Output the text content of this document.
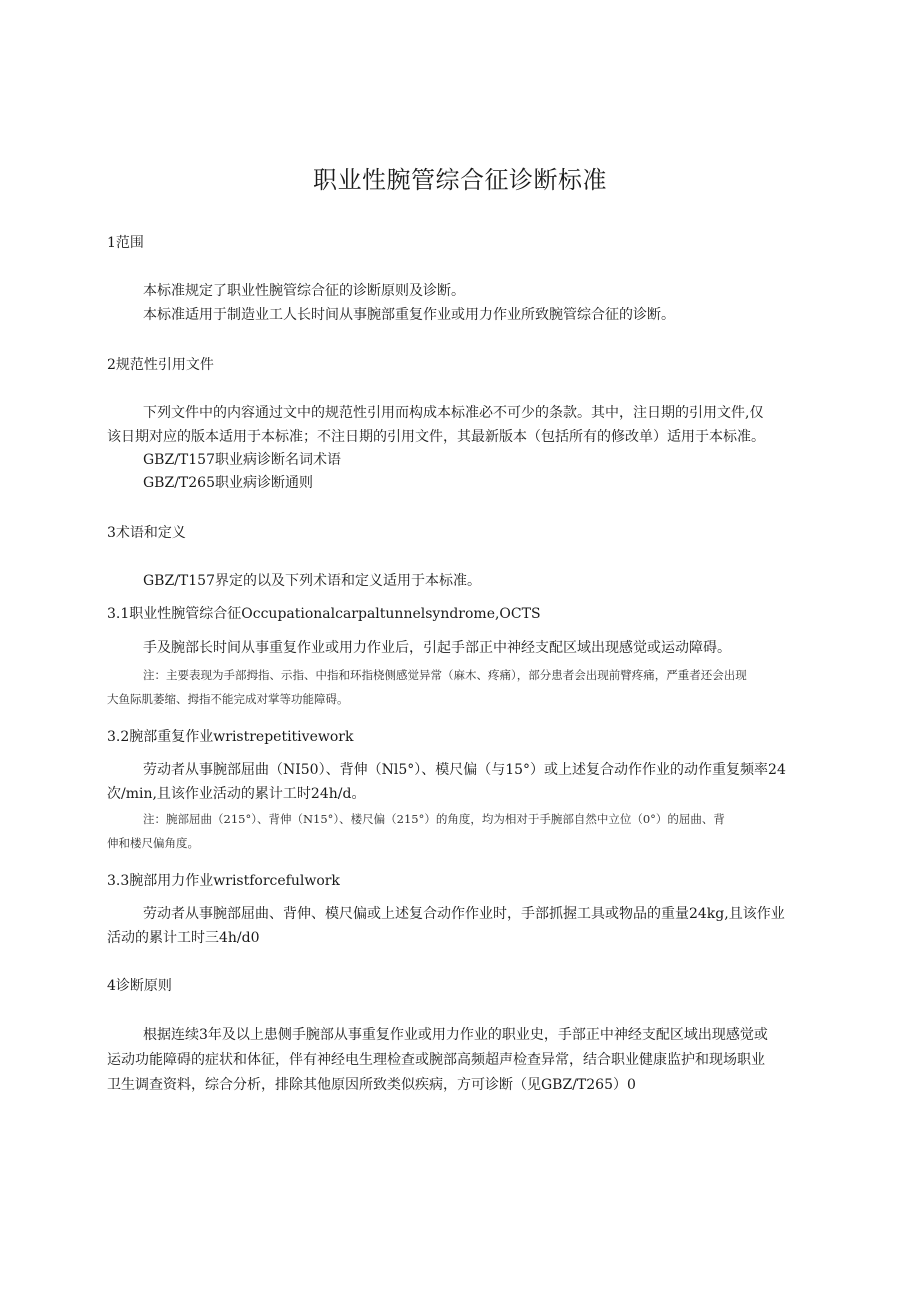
职业性腕管综合征诊断标准
1范围
本标准规定了职业性腕管综合征的诊断原则及诊断。
本标准适用于制造业工人长时间从事腕部重复作业或用力作业所致腕管综合征的诊断。
2规范性引用文件
下列文件中的内容通过文中的规范性引用而构成本标准必不可少的条款。其中，注日期的引用文件,仅
该日期对应的版本适用于本标准；不注日期的引用文件，其最新版本（包括所有的修改单）适用于本标准。
GBZ/T157职业病诊断名词术语
GBZ/T265职业病诊断通则
3术语和定义
GBZ/T157界定的以及下列术语和定义适用于本标准。
3.1职业性腕管综合征Occupationalcarpaltunnelsyndrome,OCTS
手及腕部长时间从事重复作业或用力作业后，引起手部正中神经支配区域出现感觉或运动障碍。
注：主要表现为手部拇指、示指、中指和环指桡侧感觉异常（麻木、疼痛），部分患者会出现前臂疼痛，严重者还会出现
大鱼际肌萎缩、拇指不能完成对掌等功能障碍。
3.2腕部重复作业wristrepetitivework
劳动者从事腕部屈曲（NI50）、背伸（Nl5°）、模尺偏（与15°）或上述复合动作作业的动作重复频率24
次/min,且该作业活动的累计工时24h/d。
注：腕部屈曲（215°）、背伸（N15°）、楼尺偏（215°）的角度，均为相对于手腕部自然中立位（0°）的屈曲、背
伸和楼尺偏角度。
3.3腕部用力作业wristforcefulwork
劳动者从事腕部屈曲、背伸、模尺偏或上述复合动作作业时，手部抓握工具或物品的重量24kg,且该作业
活动的累计工时三4h/d0
4诊断原则
根据连续3年及以上患侧手腕部从事重复作业或用力作业的职业史，手部正中神经支配区域出现感觉或
运动功能障碍的症状和体征，伴有神经电生理检查或腕部高频超声检查异常，结合职业健康监护和现场职业
卫生调查资料，综合分析，排除其他原因所致类似疾病，方可诊断（见GBZ/T265）0
